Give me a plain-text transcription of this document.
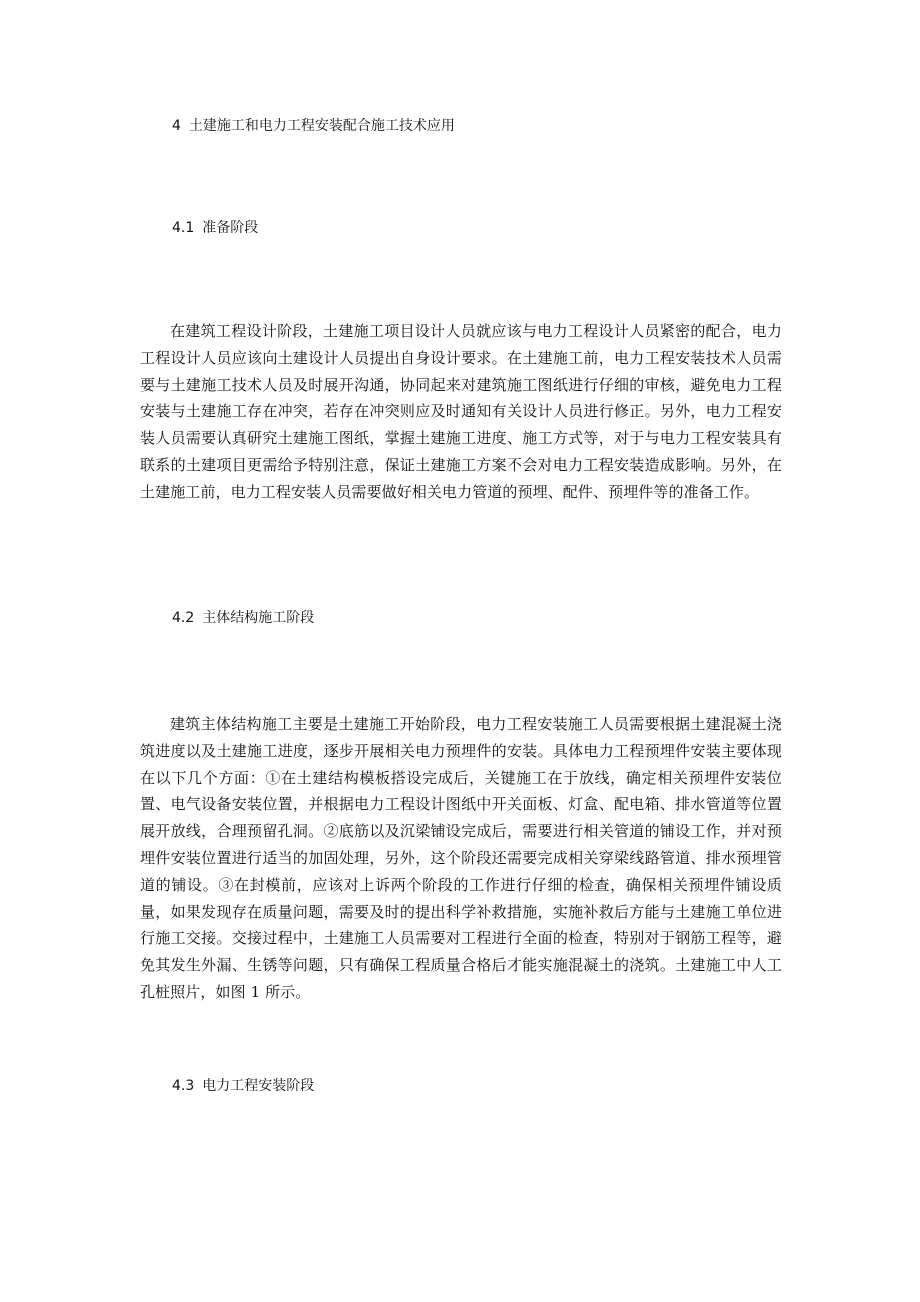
4 土建施工和电力工程安装配合施工技术应用
4.1 准备阶段

在建筑工程设计阶段，土建施工项目设计人员就应该与电力工程设计人员紧密的配合，电力工程设计人员应该向土建设计人员提出自身设计要求。在土建施工前，电力工程安装技术人员需要与土建施工技术人员及时展开沟通，协同起来对建筑施工图纸进行仔细的审核，避免电力工程安装与土建施工存在冲突，若存在冲突则应及时通知有关设计人员进行修正。另外，电力工程安装人员需要认真研究土建施工图纸，掌握土建施工进度、施工方式等，对于与电力工程安装具有联系的土建项目更需给予特别注意，保证土建施工方案不会对电力工程安装造成影响。另外，在土建施工前，电力工程安装人员需要做好相关电力管道的预埋、配件、预埋件等的准备工作。

4.2 主体结构施工阶段

建筑主体结构施工主要是土建施工开始阶段，电力工程安装施工人员需要根据土建混凝土浇筑进度以及土建施工进度，逐步开展相关电力预埋件的安装。具体电力工程预埋件安装主要体现在以下几个方面：①在土建结构模板搭设完成后，关键施工在于放线，确定相关预埋件安装位置、电气设备安装位置，并根据电力工程设计图纸中开关面板、灯盒、配电箱、排水管道等位置展开放线，合理预留孔洞。②底筋以及沉梁铺设完成后，需要进行相关管道的铺设工作，并对预埋件安装位置进行适当的加固处理，另外，这个阶段还需要完成相关穿梁线路管道、排水预埋管道的铺设。③在封模前，应该对上诉两个阶段的工作进行仔细的检查，确保相关预埋件铺设质量，如果发现存在质量问题，需要及时的提出科学补救措施，实施补救后方能与土建施工单位进行施工交接。交接过程中，土建施工人员需要对工程进行全面的检查，特别对于钢筋工程等，避免其发生外漏、生锈等问题，只有确保工程质量合格后才能实施混凝土的浇筑。土建施工中人工孔桩照片，如图 1 所示。

4.3 电力工程安装阶段
